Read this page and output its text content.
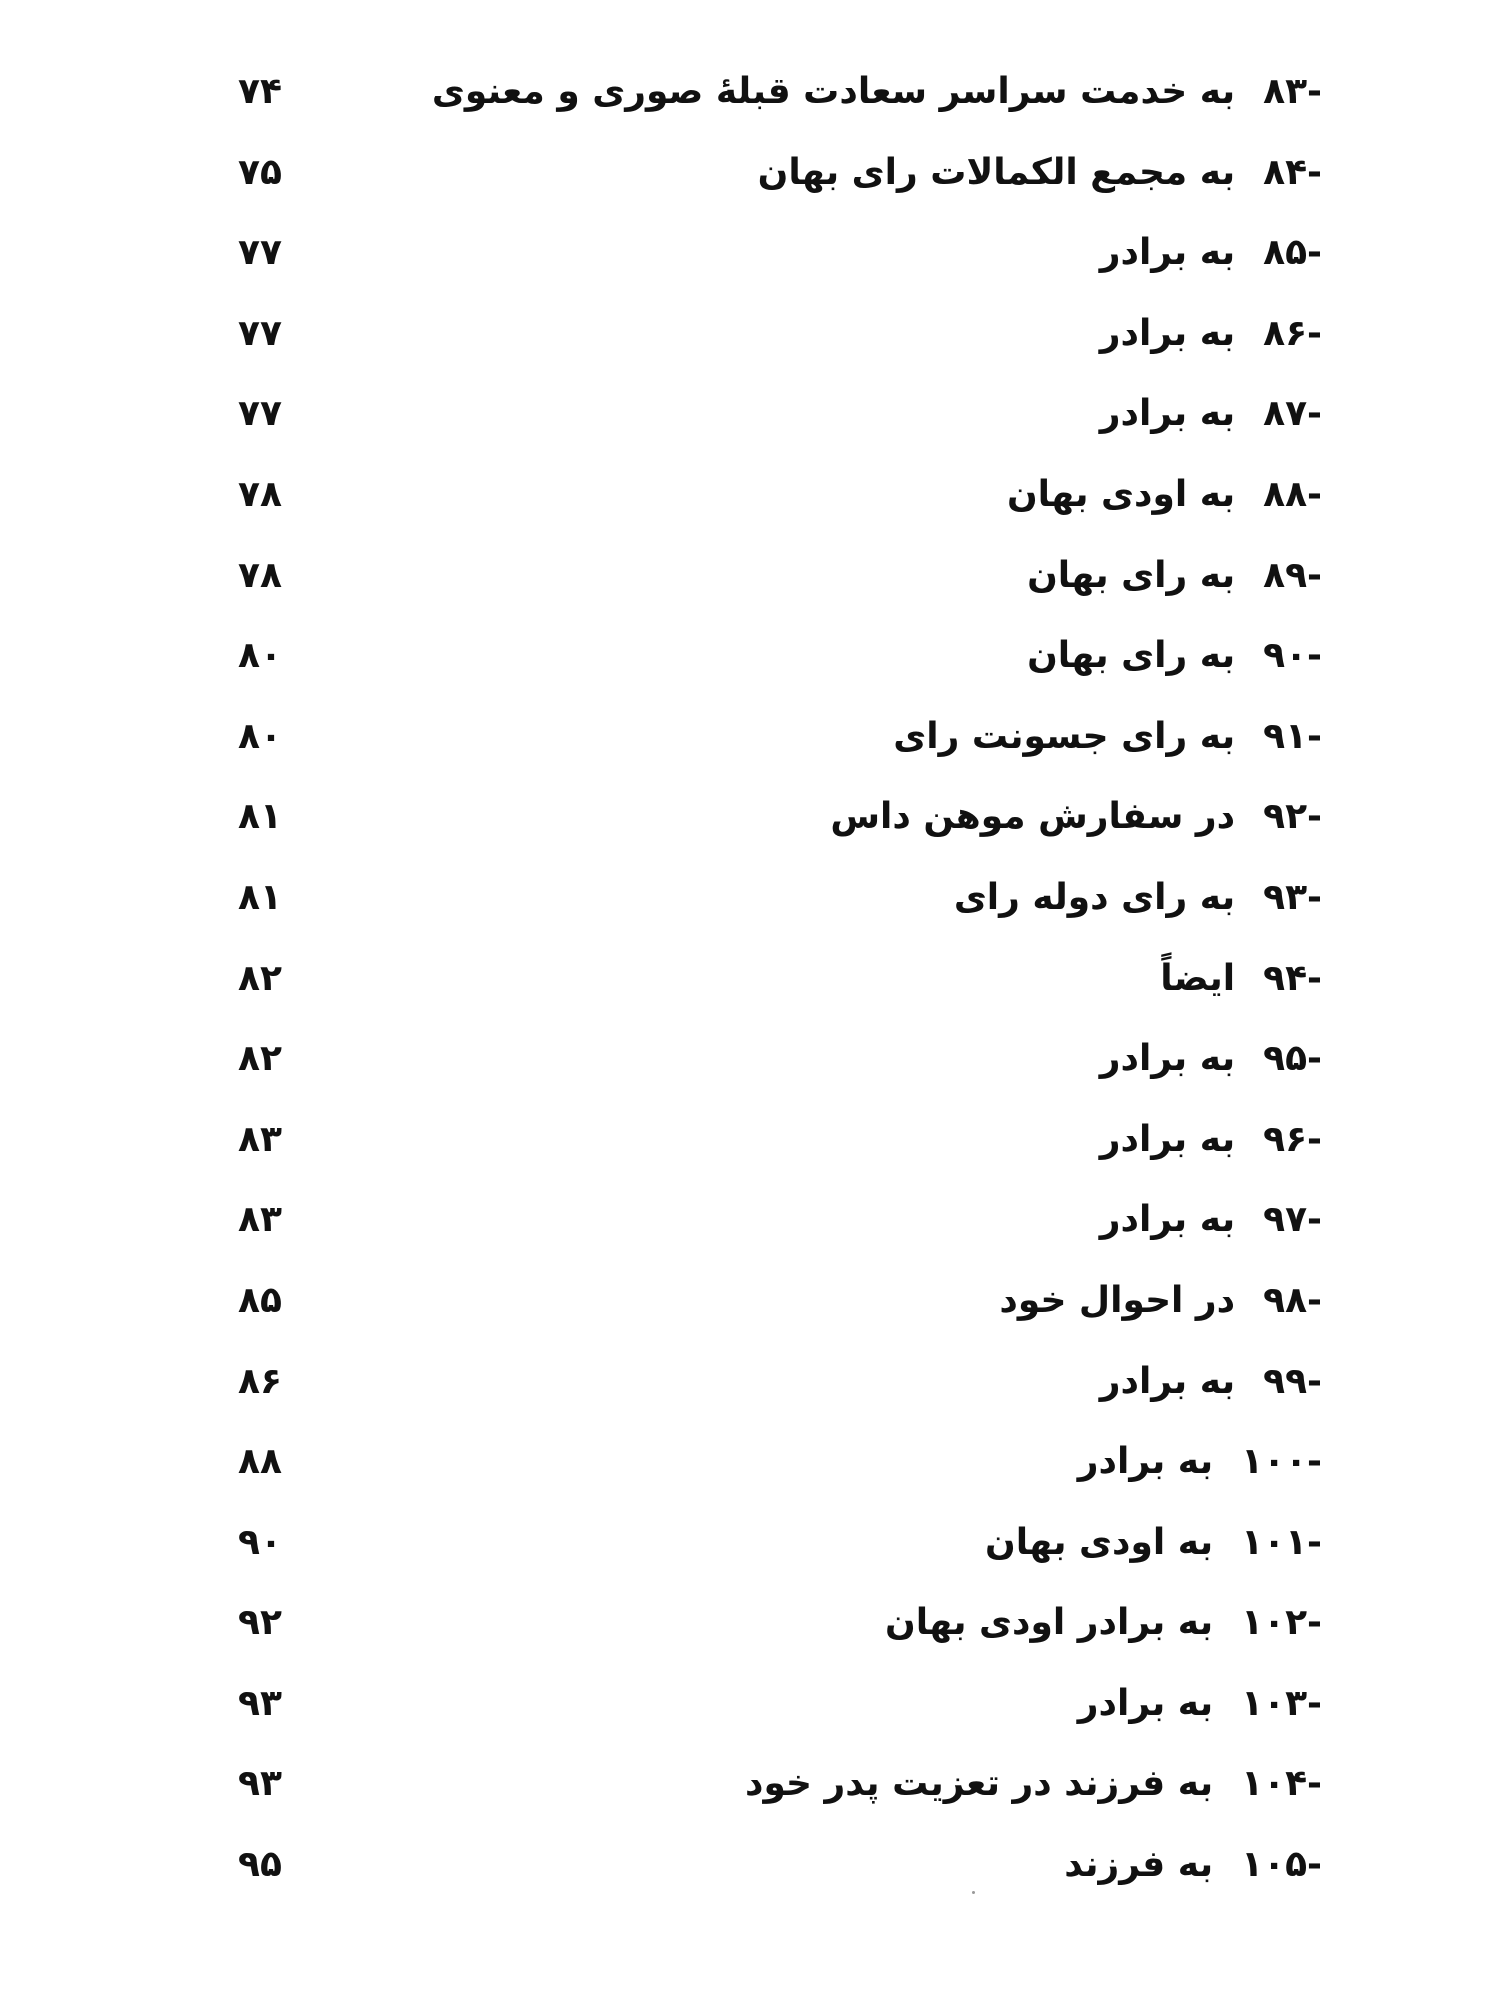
-۸۳به خدمت سراسر سعادت قبلهٔ صوری و معنوی
۷۴
-۸۴به مجمع الکمالات رای بهان
۷۵
-۸۵به برادر
۷۷
-۸۶به برادر
۷۷
-۸۷به برادر
۷۷
-۸۸به اودی بهان
۷۸
-۸۹به رای بهان
۷۸
-۹۰به رای بهان
۸۰
-۹۱به رای جسونت رای
۸۰
-۹۲در سفارش موهن داس
۸۱
-۹۳به رای دوله رای
۸۱
-۹۴ایضاً
۸۲
-۹۵به برادر
۸۲
-۹۶به برادر
۸۳
-۹۷به برادر
۸۳
-۹۸در احوال خود
۸۵
-۹۹به برادر
۸۶
-۱۰۰به برادر
۸۸
-۱۰۱به اودی بهان
۹۰
-۱۰۲به برادر اودی بهان
۹۲
-۱۰۳به برادر
۹۳
-۱۰۴به فرزند در تعزیت پدر خود
۹۳
-۱۰۵به فرزند
۹۵
